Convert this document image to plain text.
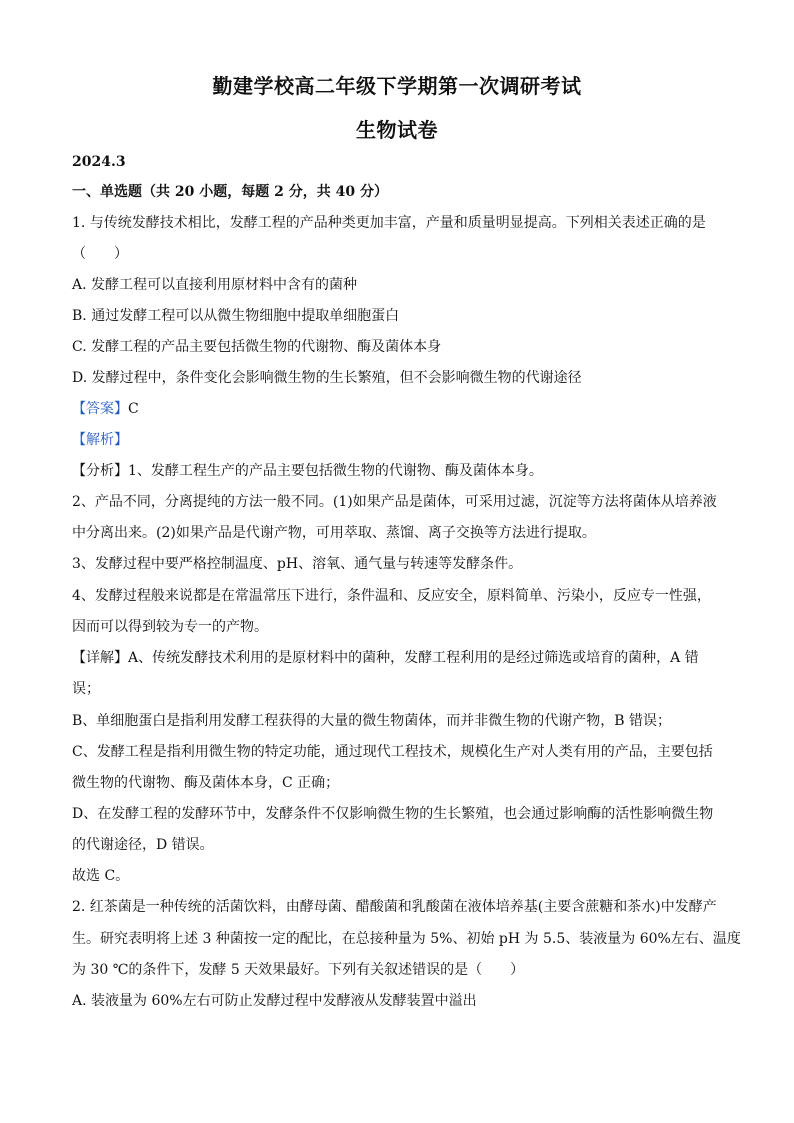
勤建学校高二年级下学期第一次调研考试
生物试卷
2024.3
一、单选题（共 20 小题，每题 2 分，共 40 分）
1. 与传统发酵技术相比，发酵工程的产品种类更加丰富，产量和质量明显提高。下列相关表述正确的是
（　　）
A. 发酵工程可以直接利用原材料中含有的菌种
B. 通过发酵工程可以从微生物细胞中提取单细胞蛋白
C. 发酵工程的产品主要包括微生物的代谢物、酶及菌体本身
D. 发酵过程中，条件变化会影响微生物的生长繁殖，但不会影响微生物的代谢途径
【答案】C
【解析】
【分析】1、发酵工程生产的产品主要包括微生物的代谢物、酶及菌体本身。
2、产品不同，分离提纯的方法一般不同。(1)如果产品是菌体，可采用过滤，沉淀等方法将菌体从培养液
中分离出来。(2)如果产品是代谢产物，可用萃取、蒸馏、离子交换等方法进行提取。
3、发酵过程中要严格控制温度、pH、溶氧、通气量与转速等发酵条件。
4、发酵过程般来说都是在常温常压下进行，条件温和、反应安全，原料简单、污染小，反应专一性强，
因而可以得到较为专一的产物。
【详解】A、传统发酵技术利用的是原材料中的菌种，发酵工程利用的是经过筛选或培育的菌种，A 错
误；
B、单细胞蛋白是指利用发酵工程获得的大量的微生物菌体，而并非微生物的代谢产物，B 错误；
C、发酵工程是指利用微生物的特定功能，通过现代工程技术，规模化生产对人类有用的产品，主要包括
微生物的代谢物、酶及菌体本身，C 正确；
D、在发酵工程的发酵环节中，发酵条件不仅影响微生物的生长繁殖，也会通过影响酶的活性影响微生物
的代谢途径，D 错误。
故选 C。
2. 红茶菌是一种传统的活菌饮料，由酵母菌、醋酸菌和乳酸菌在液体培养基(主要含蔗糖和茶水)中发酵产
生。研究表明将上述 3 种菌按一定的配比，在总接种量为 5%、初始 pH 为 5.5、装液量为 60%左右、温度
为 30 ℃的条件下，发酵 5 天效果最好。下列有关叙述错误的是（　　）
A. 装液量为 60%左右可防止发酵过程中发酵液从发酵装置中溢出
